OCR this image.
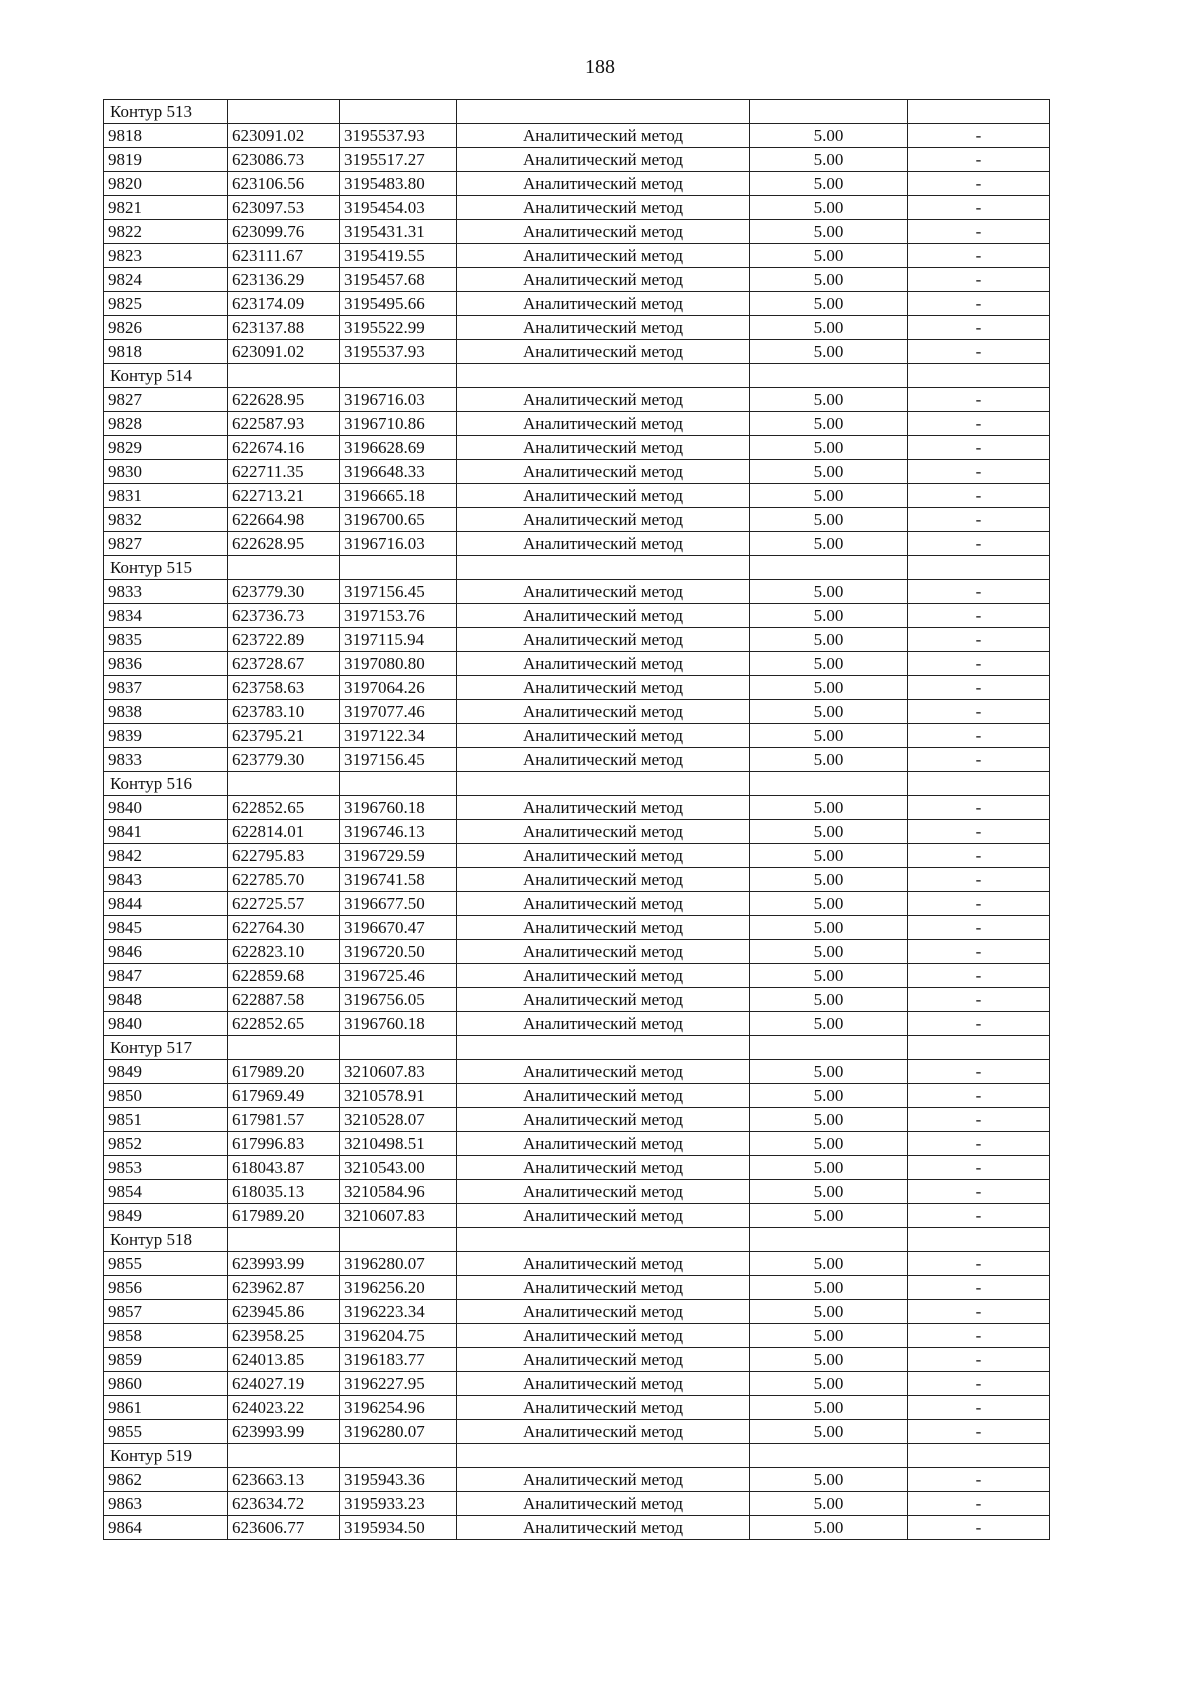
188
Контур 513					
9818	623091.02	3195537.93	Аналитический метод	5.00	-
9819	623086.73	3195517.27	Аналитический метод	5.00	-
9820	623106.56	3195483.80	Аналитический метод	5.00	-
9821	623097.53	3195454.03	Аналитический метод	5.00	-
9822	623099.76	3195431.31	Аналитический метод	5.00	-
9823	623111.67	3195419.55	Аналитический метод	5.00	-
9824	623136.29	3195457.68	Аналитический метод	5.00	-
9825	623174.09	3195495.66	Аналитический метод	5.00	-
9826	623137.88	3195522.99	Аналитический метод	5.00	-
9818	623091.02	3195537.93	Аналитический метод	5.00	-
Контур 514					
9827	622628.95	3196716.03	Аналитический метод	5.00	-
9828	622587.93	3196710.86	Аналитический метод	5.00	-
9829	622674.16	3196628.69	Аналитический метод	5.00	-
9830	622711.35	3196648.33	Аналитический метод	5.00	-
9831	622713.21	3196665.18	Аналитический метод	5.00	-
9832	622664.98	3196700.65	Аналитический метод	5.00	-
9827	622628.95	3196716.03	Аналитический метод	5.00	-
Контур 515					
9833	623779.30	3197156.45	Аналитический метод	5.00	-
9834	623736.73	3197153.76	Аналитический метод	5.00	-
9835	623722.89	3197115.94	Аналитический метод	5.00	-
9836	623728.67	3197080.80	Аналитический метод	5.00	-
9837	623758.63	3197064.26	Аналитический метод	5.00	-
9838	623783.10	3197077.46	Аналитический метод	5.00	-
9839	623795.21	3197122.34	Аналитический метод	5.00	-
9833	623779.30	3197156.45	Аналитический метод	5.00	-
Контур 516					
9840	622852.65	3196760.18	Аналитический метод	5.00	-
9841	622814.01	3196746.13	Аналитический метод	5.00	-
9842	622795.83	3196729.59	Аналитический метод	5.00	-
9843	622785.70	3196741.58	Аналитический метод	5.00	-
9844	622725.57	3196677.50	Аналитический метод	5.00	-
9845	622764.30	3196670.47	Аналитический метод	5.00	-
9846	622823.10	3196720.50	Аналитический метод	5.00	-
9847	622859.68	3196725.46	Аналитический метод	5.00	-
9848	622887.58	3196756.05	Аналитический метод	5.00	-
9840	622852.65	3196760.18	Аналитический метод	5.00	-
Контур 517					
9849	617989.20	3210607.83	Аналитический метод	5.00	-
9850	617969.49	3210578.91	Аналитический метод	5.00	-
9851	617981.57	3210528.07	Аналитический метод	5.00	-
9852	617996.83	3210498.51	Аналитический метод	5.00	-
9853	618043.87	3210543.00	Аналитический метод	5.00	-
9854	618035.13	3210584.96	Аналитический метод	5.00	-
9849	617989.20	3210607.83	Аналитический метод	5.00	-
Контур 518					
9855	623993.99	3196280.07	Аналитический метод	5.00	-
9856	623962.87	3196256.20	Аналитический метод	5.00	-
9857	623945.86	3196223.34	Аналитический метод	5.00	-
9858	623958.25	3196204.75	Аналитический метод	5.00	-
9859	624013.85	3196183.77	Аналитический метод	5.00	-
9860	624027.19	3196227.95	Аналитический метод	5.00	-
9861	624023.22	3196254.96	Аналитический метод	5.00	-
9855	623993.99	3196280.07	Аналитический метод	5.00	-
Контур 519					
9862	623663.13	3195943.36	Аналитический метод	5.00	-
9863	623634.72	3195933.23	Аналитический метод	5.00	-
9864	623606.77	3195934.50	Аналитический метод	5.00	-
